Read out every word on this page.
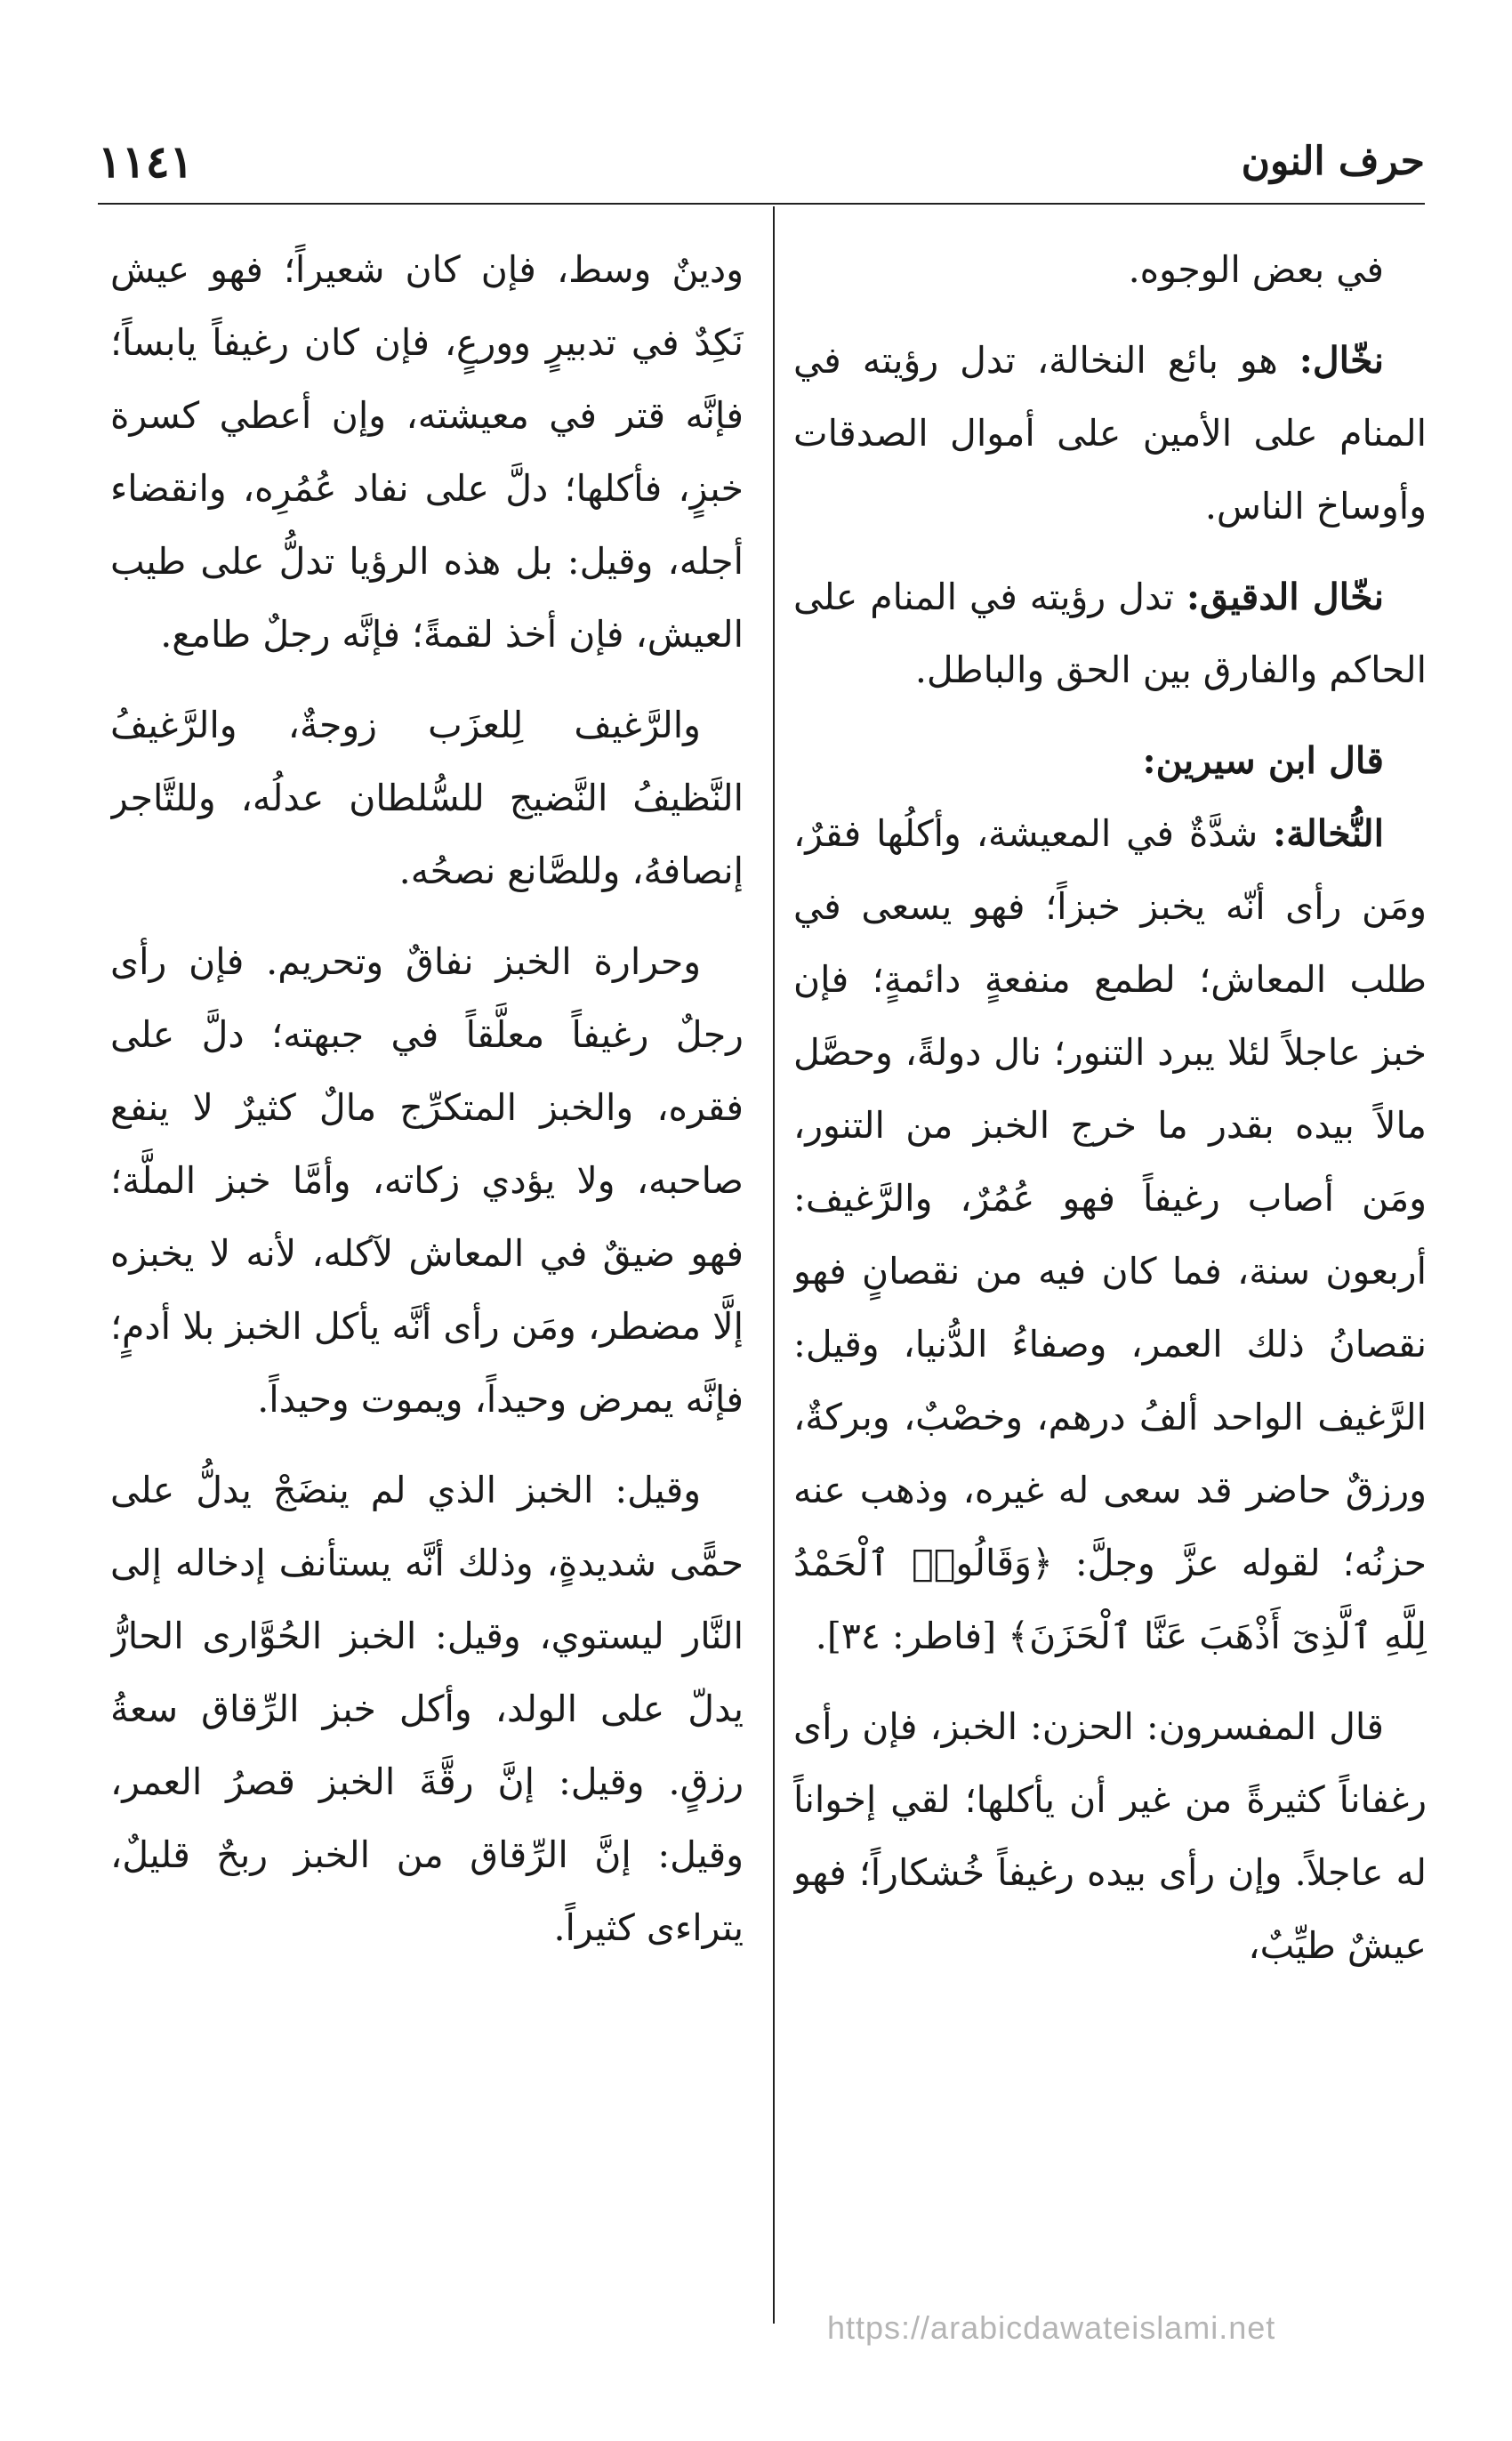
حرف النون
١١٤١

في بعض الوجوه.

نخّال: هو بائع النخالة، تدل رؤيته في المنام على الأمين على أموال الصدقات وأوساخ الناس.

نخّال الدقيق: تدل رؤيته في المنام على الحاكم والفارق بين الحق والباطل.

قال ابن سيرين:

النُّخالة: شدَّةٌ في المعيشة، وأكلُها فقرٌ، ومَن رأى أنّه يخبز خبزاً؛ فهو يسعى في طلب المعاش؛ لطمع منفعةٍ دائمةٍ؛ فإن خبز عاجلاً لئلا يبرد التنور؛ نال دولةً، وحصَّل مالاً بيده بقدر ما خرج الخبز من التنور، ومَن أصاب رغيفاً فهو عُمُرٌ، والرَّغيف: أربعون سنة، فما كان فيه من نقصانٍ فهو نقصانُ ذلك العمر، وصفاءُ الدُّنيا، وقيل: الرَّغيف الواحد ألفُ درهم، وخصْبٌ، وبركةٌ، ورزقٌ حاضر قد سعى له غيره، وذهب عنه حزنُه؛ لقوله عزَّ وجلَّ: ﴿وَقَالُوا۟ ٱلْحَمْدُ لِلَّهِ ٱلَّذِىٓ أَذْهَبَ عَنَّا ٱلْحَزَنَ﴾ [فاطر: ٣٤].

قال المفسرون: الحزن: الخبز، فإن رأى رغفاناً كثيرةً من غير أن يأكلها؛ لقي إخواناً له عاجلاً. وإن رأى بيده رغيفاً خُشكاراً؛ فهو عيشٌ طيِّبٌ،

ودينٌ وسط، فإن كان شعيراً؛ فهو عيش نَكِدٌ في تدبيرٍ وورعٍ، فإن كان رغيفاً يابساً؛ فإنَّه قتر في معيشته، وإن أعطي كسرة خبزٍ، فأكلها؛ دلَّ على نفاد عُمُرِه، وانقضاء أجله، وقيل: بل هذه الرؤيا تدلُّ على طيب العيش، فإن أخذ لقمةً؛ فإنَّه رجلٌ طامع.

والرَّغيف لِلعزَب زوجةٌ، والرَّغيفُ النَّظيفُ النَّضيج للسُّلطان عدلُه، وللتَّاجر إنصافهُ، وللصَّانع نصحُه.

وحرارة الخبز نفاقٌ وتحريم. فإن رأى رجلٌ رغيفاً معلَّقاً في جبهته؛ دلَّ على فقره، والخبز المتكرِّج مالٌ كثيرٌ لا ينفع صاحبه، ولا يؤدي زكاته، وأمَّا خبز الملَّة؛ فهو ضيقٌ في المعاش لآكله، لأنه لا يخبزه إلَّا مضطر، ومَن رأى أنَّه يأكل الخبز بلا أدمٍ؛ فإنَّه يمرض وحيداً، ويموت وحيداً.

وقيل: الخبز الذي لم ينضَجْ يدلُّ على حمًّى شديدةٍ، وذلك أنَّه يستأنف إدخاله إلى النَّار ليستوي، وقيل: الخبز الحُوَّارى الحارُّ يدلّ على الولد، وأكل خبز الرِّقاق سعةُ رزقٍ. وقيل: إنَّ رقَّةَ الخبز قصرُ العمر، وقيل: إنَّ الرِّقاق من الخبز ربحٌ قليلٌ، يتراءى كثيراً.

https://arabicdawateislami.net
